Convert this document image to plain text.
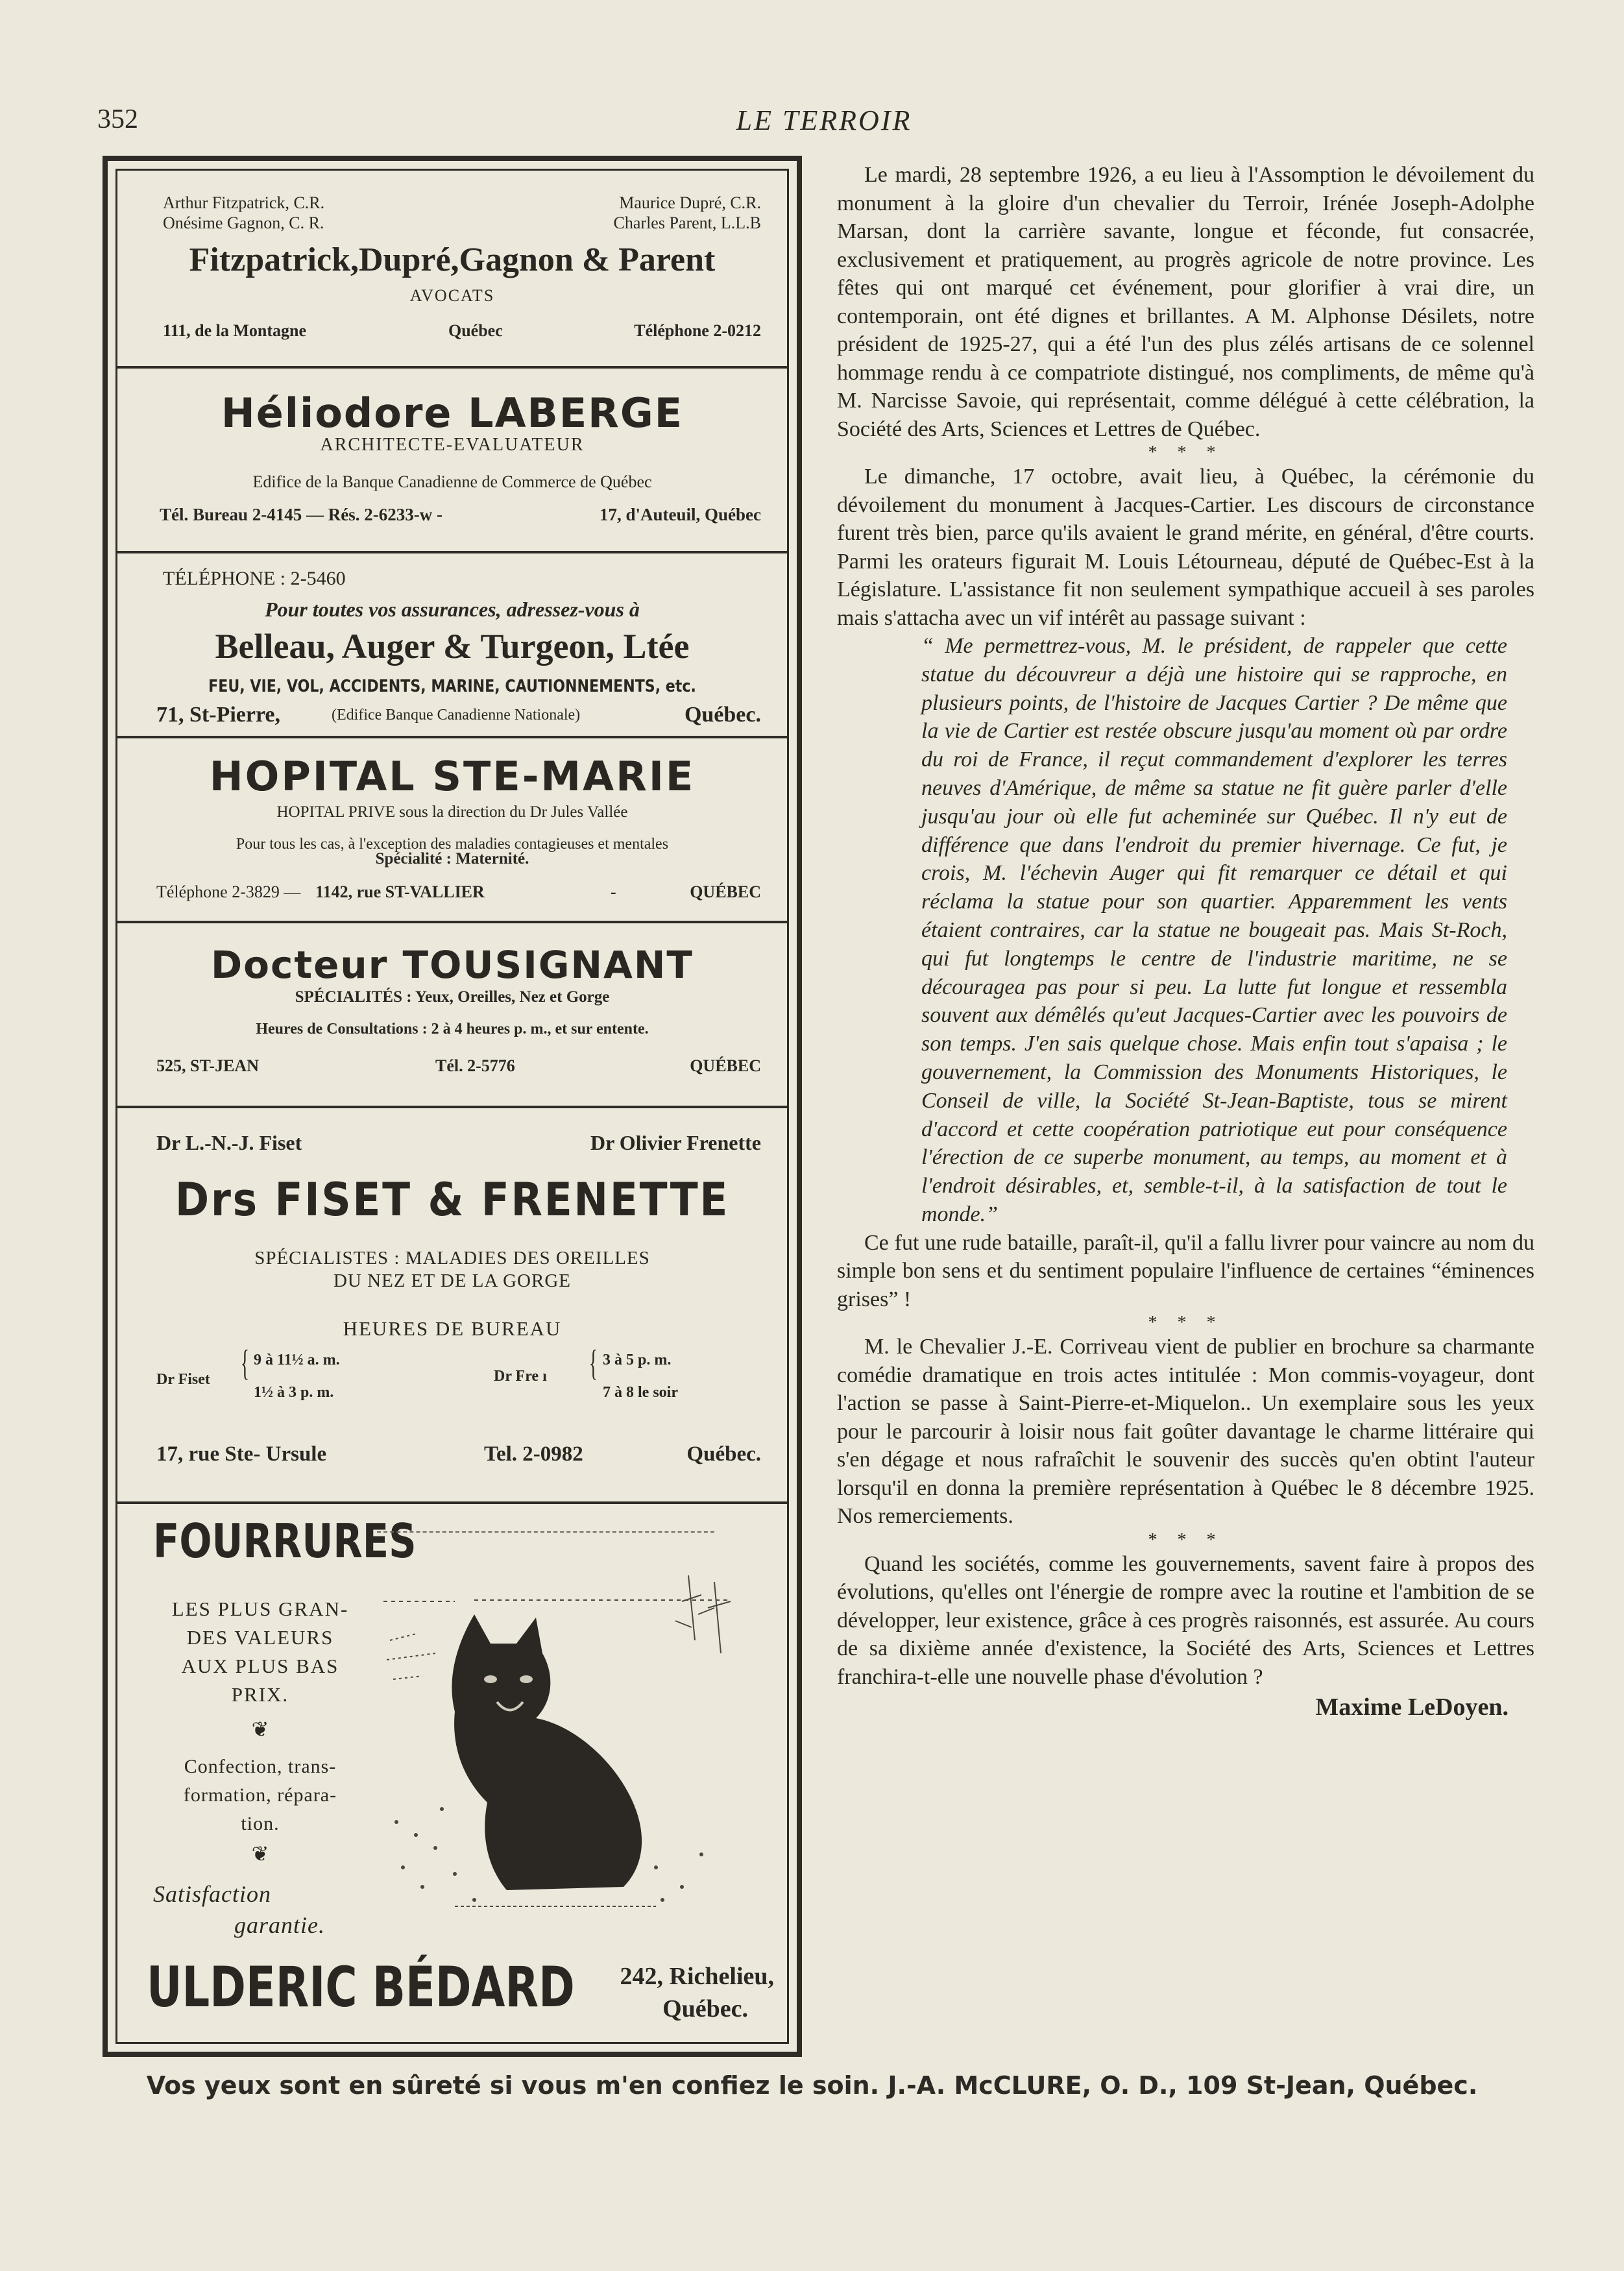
352	LE TERROIR
Arthur Fitzpatrick, C.R.
Onésime Gagnon, C. R.
Maurice Dupré, C.R.
Charles Parent, L.L.B
Fitzpatrick,Dupré,Gagnon & Parent
AVOCATS
111, de la Montagne	Québec	Téléphone 2-0212
Héliodore LABERGE
ARCHITECTE-EVALUATEUR
Edifice de la Banque Canadienne de Commerce de Québec
Tél. Bureau 2-4145 — Rés. 2-6233-w -	17, d'Auteuil, Québec
TÉLÉPHONE : 2-5460
Pour toutes vos assurances, adressez-vous à
Belleau, Auger & Turgeon, Ltée
FEU, VIE, VOL, ACCIDENTS, MARINE, CAUTIONNEMENTS, etc.
71, St-Pierre,	(Edifice Banque Canadienne Nationale)	Québec.
HOPITAL STE-MARIE
HOPITAL PRIVE sous la direction du Dr Jules Vallée
Pour tous les cas, à l'exception des maladies contagieuses et mentales
Spécialité : Maternité.
Téléphone 2-3829 — 1142, rue ST-VALLIER	-	QUÉBEC
Docteur TOUSIGNANT
SPÉCIALITÉS : Yeux, Oreilles, Nez et Gorge
Heures de Consultations : 2 à 4 heures p. m., et sur entente.
525, ST-JEAN	Tél. 2-5776	QUÉBEC
Dr L.-N.-J. Fiset	Dr Olivier Frenette
Drs FISET & FRENETTE
SPÉCIALISTES : MALADIES DES OREILLES
DU NEZ ET DE LA GORGE
HEURES DE BUREAU
Dr Fiset { 9 à 11½ a. m.
1½ à 3 p. m.
Dr Fre ı { 3 à 5 p. m.
7 à 8 le soir
17, rue Ste- Ursule	Tel. 2-0982	Québec.
FOURRURES
LES PLUS GRAN-
DES VALEURS
AUX PLUS BAS
PRIX.
❦
Confection, trans-
formation, répara-
tion.
❦
Satisfaction
garantie.
ULDERIC BÉDARD 242, Richelieu,
Québec.

Le mardi, 28 septembre 1926, a eu lieu à l'Assomption le dévoilement du monument à la gloire d'un chevalier du Terroir, Irénée Joseph-Adolphe Marsan, dont la carrière savante, longue et féconde, fut consacrée, exclusivement et pratiquement, au progrès agricole de notre province. Les fêtes qui ont marqué cet événement, pour glorifier à vrai dire, un contemporain, ont été dignes et brillantes. A M. Alphonse Désilets, notre président de 1925-27, qui a été l'un des plus zélés artisans de ce solennel hommage rendu à ce compatriote distingué, nos compliments, de même qu'à M. Narcisse Savoie, qui représentait, comme délégué à cette célébration, la Société des Arts, Sciences et Lettres de Québec.

* * *

Le dimanche, 17 octobre, avait lieu, à Québec, la cérémonie du dévoilement du monument à Jacques-Cartier. Les discours de circonstance furent très bien, parce qu'ils avaient le grand mérite, en général, d'être courts. Parmi les orateurs figurait M. Louis Létourneau, député de Québec-Est à la Législature. L'assistance fit non seulement sympathique accueil à ses paroles mais s'attacha avec un vif intérêt au passage suivant :

“ Me permettrez-vous, M. le président, de rappeler que cette statue du découvreur a déjà une histoire qui se rapproche, en plusieurs points, de l'histoire de Jacques Cartier ? De même que la vie de Cartier est restée obscure jusqu'au moment où par ordre du roi de France, il reçut commandement d'explorer les terres neuves d'Amérique, de même sa statue ne fit guère parler d'elle jusqu'au jour où elle fut acheminée sur Québec. Il n'y eut de différence que dans l'endroit du premier hivernage. Ce fut, je crois, M. l'échevin Auger qui fit remarquer ce détail et qui réclama la statue pour son quartier. Apparemment les vents étaient contraires, car la statue ne bougeait pas. Mais St-Roch, qui fut longtemps le centre de l'industrie maritime, ne se découragea pas pour si peu. La lutte fut longue et ressembla souvent aux démêlés qu'eut Jacques-Cartier avec les pouvoirs de son temps. J'en sais quelque chose. Mais enfin tout s'apaisa ; le gouvernement, la Commission des Monuments Historiques, le Conseil de ville, la Société St-Jean-Baptiste, tous se mirent d'accord et cette coopération patriotique eut pour conséquence l'érection de ce superbe monument, au temps, au moment et à l'endroit désirables, et, semble-t-il, à la satisfaction de tout le monde.”

Ce fut une rude bataille, paraît-il, qu'il a fallu livrer pour vaincre au nom du simple bon sens et du sentiment populaire l'influence de certaines “éminences grises” !

* * *

M. le Chevalier J.-E. Corriveau vient de publier en brochure sa charmante comédie dramatique en trois actes intitulée : Mon commis-voyageur, dont l'action se passe à Saint-Pierre-et-Miquelon.. Un exemplaire sous les yeux pour le parcourir à loisir nous fait goûter davantage le charme littéraire qui s'en dégage et nous rafraîchit le souvenir des succès qu'en obtint l'auteur lorsqu'il en donna la première représentation à Québec le 8 décembre 1925. Nos remerciements.

* * *

Quand les sociétés, comme les gouvernements, savent faire à propos des évolutions, qu'elles ont l'énergie de rompre avec la routine et l'ambition de se développer, leur existence, grâce à ces progrès raisonnés, est assurée. Au cours de sa dixième année d'existence, la Société des Arts, Sciences et Lettres franchira-t-elle une nouvelle phase d'évolution ?

Maxime LeDoyen.

Vos yeux sont en sûreté si vous m'en confiez le soin. J.-A. McCLURE, O. D., 109 St-Jean, Québec.
